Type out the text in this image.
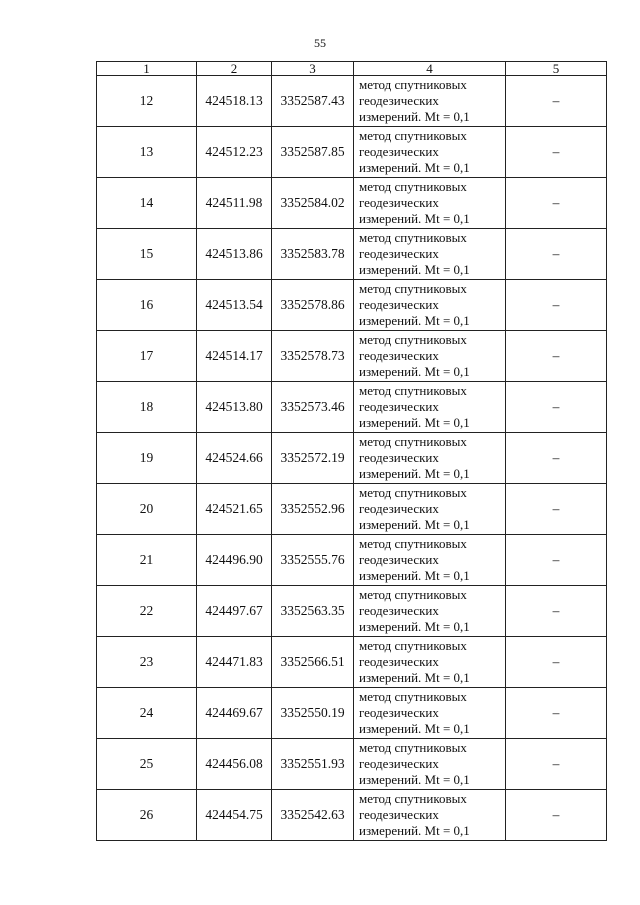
55
1	2	3	4	5
12	424518.13	3352587.43	метод спутниковых
геодезических
измерений. Mt = 0,1	–
13	424512.23	3352587.85	метод спутниковых
геодезических
измерений. Mt = 0,1	–
14	424511.98	3352584.02	метод спутниковых
геодезических
измерений. Mt = 0,1	–
15	424513.86	3352583.78	метод спутниковых
геодезических
измерений. Mt = 0,1	–
16	424513.54	3352578.86	метод спутниковых
геодезических
измерений. Mt = 0,1	–
17	424514.17	3352578.73	метод спутниковых
геодезических
измерений. Mt = 0,1	–
18	424513.80	3352573.46	метод спутниковых
геодезических
измерений. Mt = 0,1	–
19	424524.66	3352572.19	метод спутниковых
геодезических
измерений. Mt = 0,1	–
20	424521.65	3352552.96	метод спутниковых
геодезических
измерений. Mt = 0,1	–
21	424496.90	3352555.76	метод спутниковых
геодезических
измерений. Mt = 0,1	–
22	424497.67	3352563.35	метод спутниковых
геодезических
измерений. Mt = 0,1	–
23	424471.83	3352566.51	метод спутниковых
геодезических
измерений. Mt = 0,1	–
24	424469.67	3352550.19	метод спутниковых
геодезических
измерений. Mt = 0,1	–
25	424456.08	3352551.93	метод спутниковых
геодезических
измерений. Mt = 0,1	–
26	424454.75	3352542.63	метод спутниковых
геодезических
измерений. Mt = 0,1	–
